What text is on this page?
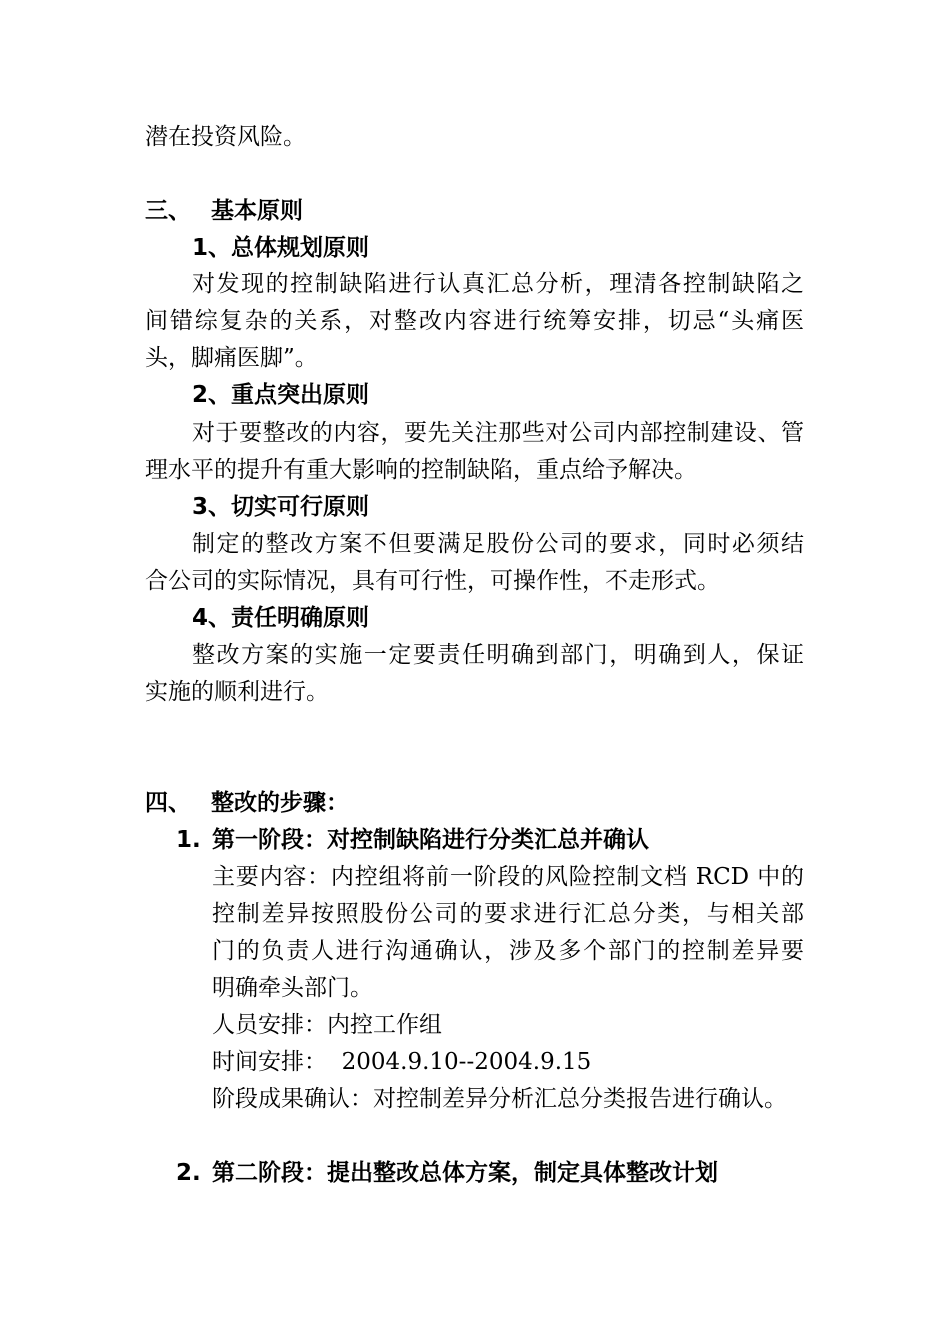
潜在投资风险。
三、 基本原则
1、总体规划原则
对发现的控制缺陷进行认真汇总分析，理清各控制缺陷之
间错综复杂的关系，对整改内容进行统筹安排，切忌“头痛医
头，脚痛医脚”。
2、重点突出原则
对于要整改的内容，要先关注那些对公司内部控制建设、管
理水平的提升有重大影响的控制缺陷，重点给予解决。
3、切实可行原则
制定的整改方案不但要满足股份公司的要求，同时必须结
合公司的实际情况，具有可行性，可操作性，不走形式。
4、责任明确原则
整改方案的实施一定要责任明确到部门，明确到人，保证
实施的顺利进行。
四、 整改的步骤：
1. 第一阶段：对控制缺陷进行分类汇总并确认
主要内容：内控组将前一阶段的风险控制文档 RCD 中的
控制差异按照股份公司的要求进行汇总分类，与相关部
门的负责人进行沟通确认，涉及多个部门的控制差异要
明确牵头部门。
人员安排：内控工作组
时间安排：  2004.9.10--2004.9.15
阶段成果确认：对控制差异分析汇总分类报告进行确认。
2. 第二阶段：提出整改总体方案，制定具体整改计划
